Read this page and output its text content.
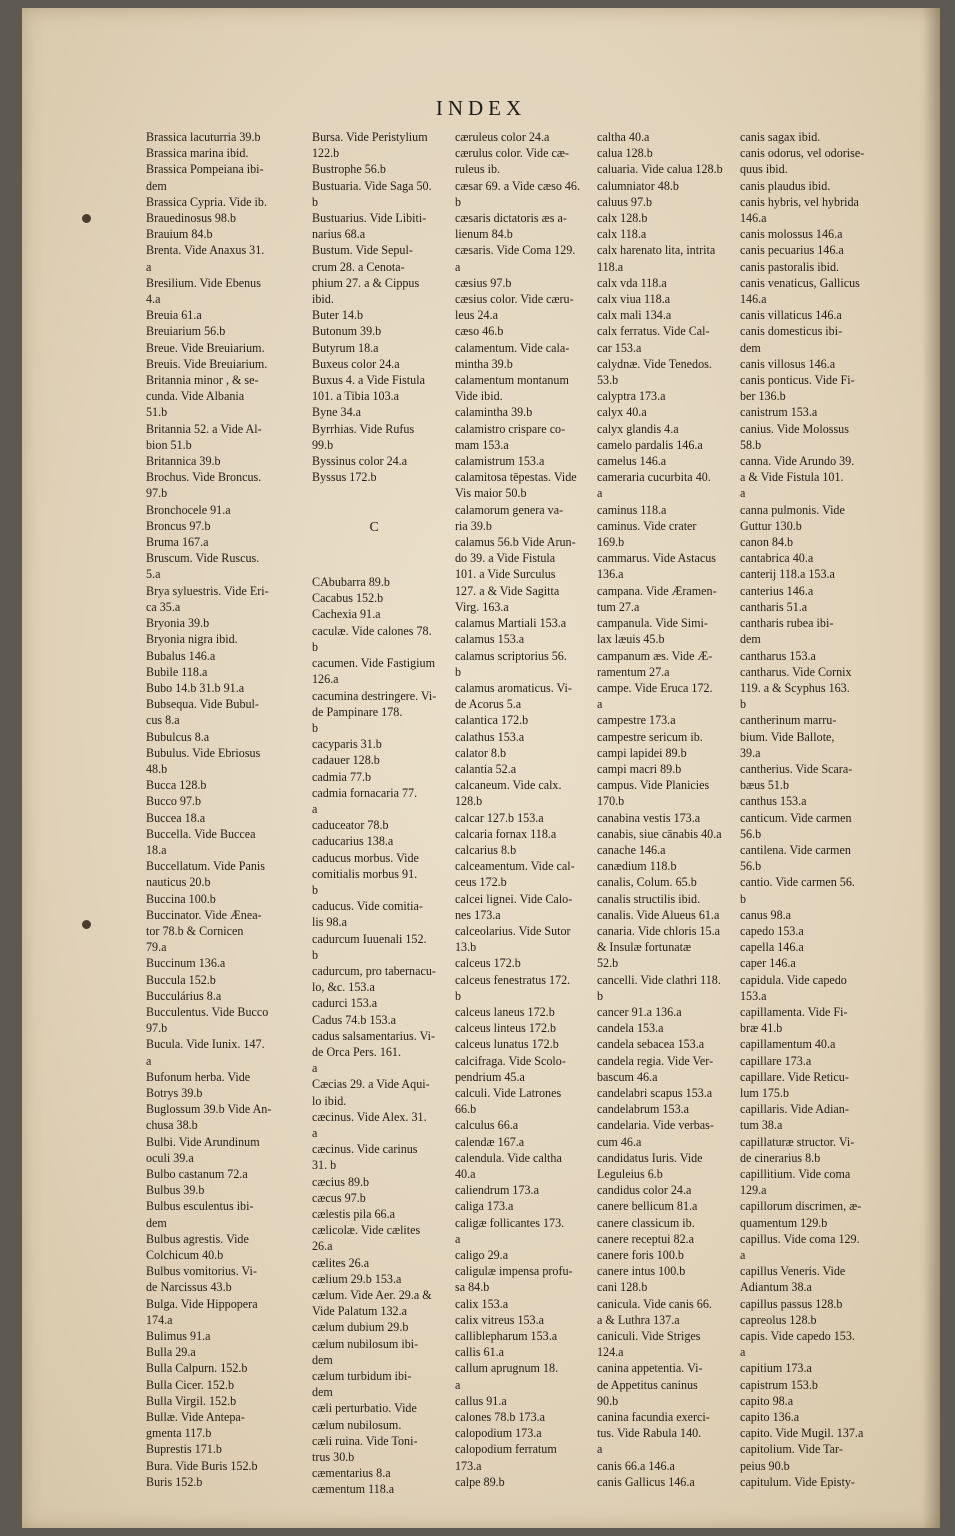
INDEX

Brassica lacuturria 39.b

Brassica marina ibid.

Brassica Pompeiana ibi-

dem

Brassica Cypria. Vide ib.

Brauedinosus 98.b

Brauium 84.b

Brenta. Vide Anaxus 31.

a

Bresilium. Vide Ebenus

4.a

Breuia 61.a

Breuiarium 56.b

Breue. Vide Breuiarium.

Breuis. Vide Breuiarium.

Britannia minor , & se-

cunda. Vide Albania

51.b

Britannia 52. a Vide Al-

bion 51.b

Britannica 39.b

Brochus. Vide Broncus.

97.b

Bronchocele 91.a

Broncus 97.b

Bruma 167.a

Bruscum. Vide Ruscus.

5.a

Brya syluestris. Vide Eri-

ca 35.a

Bryonia 39.b

Bryonia nigra ibid.

Bubalus 146.a

Bubile 118.a

Bubo 14.b 31.b 91.a

Bubsequa. Vide Bubul-

cus 8.a

Bubulcus 8.a

Bubulus. Vide Ebriosus

48.b

Bucca 128.b

Bucco 97.b

Buccea 18.a

Buccella. Vide Buccea

18.a

Buccellatum. Vide Panis

nauticus 20.b

Buccina 100.b

Buccinator. Vide Ænea-

tor 78.b & Cornicen

79.a

Buccinum 136.a

Buccula 152.b

Bucculárius 8.a

Bucculentus. Vide Bucco

97.b

Bucula. Vide Iunix. 147.

a

Bufonum herba. Vide

Botrys 39.b

Buglossum 39.b Vide An-

chusa 38.b

Bulbi. Vide Arundinum

oculi 39.a

Bulbo castanum 72.a

Bulbus 39.b

Bulbus esculentus ibi-

dem

Bulbus agrestis. Vide

Colchicum 40.b

Bulbus vomitorius. Vi-

de Narcissus 43.b

Bulga. Vide Hippopera

174.a

Bulimus 91.a

Bulla 29.a

Bulla Calpurn. 152.b

Bulla Cicer. 152.b

Bulla Virgil. 152.b

Bullæ. Vide Antepa-

gmenta 117.b

Buprestis 171.b

Bura. Vide Buris 152.b

Buris 152.b

Bursa. Vide Peristylium

122.b

Bustrophe 56.b

Bustuaria. Vide Saga 50.

b

Bustuarius. Vide Libiti-

narius 68.a

Bustum. Vide Sepul-

crum 28. a Cenota-

phium 27. a & Cippus

ibid.

Buter 14.b

Butonum 39.b

Butyrum 18.a

Buxeus color 24.a

Buxus 4. a Vide Fistula

101. a Tibia 103.a

Byne 34.a

Byrrhias. Vide Rufus

99.b

Byssinus color 24.a

Byssus 172.b

C

CAbubarra 89.b

Cacabus 152.b

Cachexia 91.a

caculæ. Vide calones 78.

b

cacumen. Vide Fastigium

126.a

cacumina destringere. Vi-

de Pampinare 178.

b

cacyparis 31.b

cadauer 128.b

cadmia 77.b

cadmia fornacaria 77.

a

caduceator 78.b

caducarius 138.a

caducus morbus. Vide

comitialis morbus 91.

b

caducus. Vide comitia-

lis 98.a

cadurcum Iuuenali 152.

b

cadurcum, pro tabernacu-

lo, &c. 153.a

cadurci 153.a

Cadus 74.b 153.a

cadus salsamentarius. Vi-

de Orca Pers. 161.

a

Cæcias 29. a Vide Aqui-

lo ibid.

cæcinus. Vide Alex. 31.

a

cæcinus. Vide carinus

31. b

cæcius 89.b

cæcus 97.b

cælestis pila 66.a

cælicolæ. Vide cælites

26.a

cælites 26.a

cælium 29.b 153.a

cælum. Vide Aer. 29.a &

Vide Palatum 132.a

cælum dubium 29.b

cælum nubilosum ibi-

dem

cælum turbidum ibi-

dem

cæli perturbatio. Vide

cælum nubilosum.

cæli ruina. Vide Toni-

trus 30.b

cæmentarius 8.a

cæmentum 118.a

cæruleus color 24.a

cærulus color. Vide cæ-

ruleus ib.

cæsar 69. a Vide cæso 46.

b

cæsaris dictatoris æs a-

lienum 84.b

cæsaris. Vide Coma 129.

a

cæsius 97.b

cæsius color. Vide cæru-

leus 24.a

cæso 46.b

calamentum. Vide cala-

mintha 39.b

calamentum montanum

Vide ibid.

calamintha 39.b

calamistro crispare co-

mam 153.a

calamistrum 153.a

calamitosa tēpestas. Vide

Vis maior 50.b

calamorum genera va-

ria 39.b

calamus 56.b Vide Arun-

do 39. a Vide Fistula

101. a Vide Surculus

127. a & Vide Sagitta

Virg. 163.a

calamus Martiali 153.a

calamus 153.a

calamus scriptorius 56.

b

calamus aromaticus. Vi-

de Acorus 5.a

calantica 172.b

calathus 153.a

calator 8.b

calantia 52.a

calcaneum. Vide calx.

128.b

calcar 127.b 153.a

calcaria fornax 118.a

calcarius 8.b

calceamentum. Vide cal-

ceus 172.b

calcei lignei. Vide Calo-

nes 173.a

calceolarius. Vide Sutor

13.b

calceus 172.b

calceus fenestratus 172.

b

calceus laneus 172.b

calceus linteus 172.b

calceus lunatus 172.b

calcifraga. Vide Scolo-

pendrium 45.a

calculi. Vide Latrones

66.b

calculus 66.a

calendæ 167.a

calendula. Vide caltha

40.a

caliendrum 173.a

caliga 173.a

caligæ follicantes 173.

a

caligo 29.a

caligulæ impensa profu-

sa 84.b

calix 153.a

calix vitreus 153.a

calliblepharum 153.a

callis 61.a

callum aprugnum 18.

a

callus 91.a

calones 78.b 173.a

calopodium 173.a

calopodium ferratum

173.a

calpe 89.b

caltha 40.a

calua 128.b

caluaria. Vide calua 128.b

calumniator 48.b

caluus 97.b

calx 128.b

calx 118.a

calx harenato lita, intrita

118.a

calx vda 118.a

calx viua 118.a

calx mali 134.a

calx ferratus. Vide Cal-

car 153.a

calydnæ. Vide Tenedos.

53.b

calyptra 173.a

calyx 40.a

calyx glandis 4.a

camelo pardalis 146.a

camelus 146.a

cameraria cucurbita 40.

a

caminus 118.a

caminus. Vide crater

169.b

cammarus. Vide Astacus

136.a

campana. Vide Æramen-

tum 27.a

campanula. Vide Simi-

lax læuis 45.b

campanum æs. Vide Æ-

ramentum 27.a

campe. Vide Eruca 172.

a

campestre 173.a

campestre sericum ib.

campi lapidei 89.b

campi macri 89.b

campus. Vide Planicies

170.b

canabina vestis 173.a

canabis, siue cānabis 40.a

canache 146.a

canædium 118.b

canalis, Colum. 65.b

canalis structilis ibid.

canalis. Vide Alueus 61.a

canaria. Vide chloris 15.a

& Insulæ fortunatæ

52.b

cancelli. Vide clathri 118.

b

cancer 91.a 136.a

candela 153.a

candela sebacea 153.a

candela regia. Vide Ver-

bascum 46.a

candelabri scapus 153.a

candelabrum 153.a

candelaria. Vide verbas-

cum 46.a

candidatus Iuris. Vide

Leguleius 6.b

candidus color 24.a

canere bellicum 81.a

canere classicum ib.

canere receptui 82.a

canere foris 100.b

canere intus 100.b

cani 128.b

canicula. Vide canis 66.

a & Luthra 137.a

caniculi. Vide Striges

124.a

canina appetentia. Vi-

de Appetitus caninus

90.b

canina facundia exerci-

tus. Vide Rabula 140.

a

canis 66.a 146.a

canis Gallicus 146.a

canis sagax ibid.

canis odorus, vel odorise-

quus ibid.

canis plaudus ibid.

canis hybris, vel hybrida

146.a

canis molossus 146.a

canis pecuarius 146.a

canis pastoralis ibid.

canis venaticus, Gallicus

146.a

canis villaticus 146.a

canis domesticus ibi-

dem

canis villosus 146.a

canis ponticus. Vide Fi-

ber 136.b

canistrum 153.a

canius. Vide Molossus

58.b

canna. Vide Arundo 39.

a & Vide Fistula 101.

a

canna pulmonis. Vide

Guttur 130.b

canon 84.b

cantabrica 40.a

canterij 118.a 153.a

canterius 146.a

cantharis 51.a

cantharis rubea ibi-

dem

cantharus 153.a

cantharus. Vide Cornix

119. a & Scyphus 163.

b

cantherinum marru-

bium. Vide Ballote,

39.a

cantherius. Vide Scara-

bæus 51.b

canthus 153.a

canticum. Vide carmen

56.b

cantilena. Vide carmen

56.b

cantio. Vide carmen 56.

b

canus 98.a

capedo 153.a

capella 146.a

caper 146.a

capidula. Vide capedo

153.a

capillamenta. Vide Fi-

bræ 41.b

capillamentum 40.a

capillare 173.a

capillare. Vide Reticu-

lum 175.b

capillaris. Vide Adian-

tum 38.a

capillaturæ structor. Vi-

de cinerarius 8.b

capillitium. Vide coma

129.a

capillorum discrimen, æ-

quamentum 129.b

capillus. Vide coma 129.

a

capillus Veneris. Vide

Adiantum 38.a

capillus passus 128.b

capreolus 128.b

capis. Vide capedo 153.

a

capitium 173.a

capistrum 153.b

capito 98.a

capito 136.a

capito. Vide Mugil. 137.a

capitolium. Vide Tar-

peius 90.b

capitulum. Vide Episty-
